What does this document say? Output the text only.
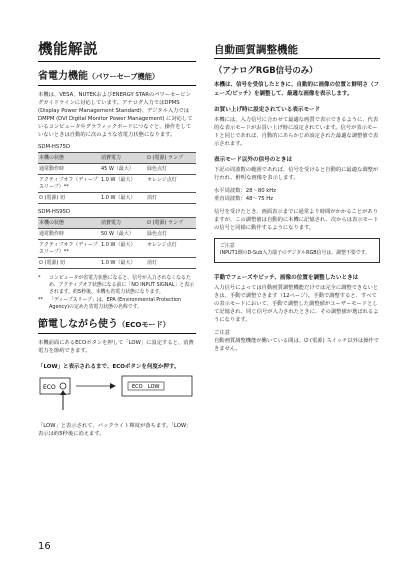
機能解説
省電力機能（パワーセーブ機能）

本機は、VESA、NUTEKおよびENERGY STARのパワーセービングガイドラインに対応しています。アナログ入力ではDPMS (Display Power Management Standard)、デジタル入力ではDMPM (DVI Digital Monitor Power Management) に対応しているコンピュータやグラフィックボードにつなぐと、操作をしていないときは自動的に次のような省電力状態になります。

SDM-HS75D
本機の状態	消費電力	⏻ (電源) ランプ
通常動作時	45 W（最大）	緑色点灯
アクティブオフ（ディープスリープ）**	1.0 W（最大）	オレンジ点灯
⏻ (電源) 切	1.0 W（最大）	消灯
SDM-HS95D
本機の状態	消費電力	⏻ (電源) ランプ
通常動作時	50 W（最大）	緑色点灯
アクティブオフ（ディープスリープ）**	1.0 W（最大）	オレンジ点灯
⏻ (電源) 切	1.0 W（最大）	消灯
*	コンピュータが省電力状態になると、信号が入力されなくなるため、アクティブオフ状態になる前に「NO INPUT SIGNAL」と表示されます。約5秒後、本機も省電力状態になります。
**	「ディープスリープ」は、EPA (Environmental Protection Agency)の定めた省電力状態の名称です。
節電しながら使う（ECOモード）

本機前面にあるECOボタンを押して「LOW」に設定すると、消費電力を節約できます。

「LOW」と表示されるまで、ECOボタンを何度か押す。
ECO	ECO LOW

「LOW」と表示されて、バックライト輝度が落ちます。「LOW」表示は約5秒後に消えます。

16
自動画質調整機能
（アナログRGB信号のみ）
本機は、信号を受信したときに、自動的に画像の位置と鮮明さ（フェーズ/ピッチ）を調整して、最適な画像を表示します。
お買い上げ時に設定されている表示モード

本機には、入力信号に合わせて最適な画質で表示できるように、代表的な表示モードがお買い上げ時に設定されています。信号が表示モードと同じであれば、自動的にあらかじめ設定された最適な調整値で表示されます。

表示モード以外の信号のときは

下記の周波数の範囲であれば、信号を受けると自動的に最適な調整が行われ、鮮明な画像を表示します。

水平周波数：28〜80 kHz
垂直周波数：48〜75 Hz

信号を受けたとき、画面表示までに通常より時間がかかることがありますが、この調整値は自動的に本機に記憶され、次からは表示モードの信号と同様に動作するようになります。

ご注意
INPUT1側のD-Sub入力端子のデジタルRGB信号は、調整不要です。
手動でフェーズやピッチ、画像の位置を調整したいときは

入力信号によっては自動画質調整機能だけでは完全に調整できないときは、手動で調整できます（12ページ）。手動で調整すると、すべての表示モードにおいて、手動で調整した調整値がユーザーモードとして記憶され、同じ信号が入力されたときに、その調整値が選ばれるようになります。

ご注意

自動画質調整機能が働いている間は、⏻ (電源) スイッチ以外は操作できません。
